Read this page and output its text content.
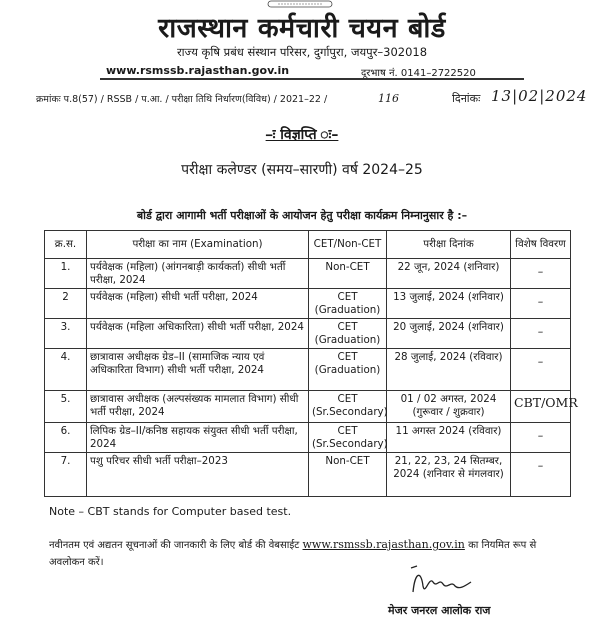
राजस्थान कर्मचारी चयन बोर्ड
राज्य कृषि प्रबंध संस्थान परिसर, दुर्गापुरा, जयपुर–302018
www.rsmssb.rajasthan.gov.in	दूरभाष नं. 0141–2722520
क्रमांकः प.8(57) / RSSB / प.आ. / परीक्षा तिथि निर्धारण(विविध) / 2021–22 /	116	दिनांकः 13|02|2024
–ः विज्ञप्ति ः–
परीक्षा कलेण्डर (समय–सारणी) वर्ष 2024–25
बोर्ड द्वारा आगामी भर्ती परीक्षाओं के आयोजन हेतु परीक्षा कार्यक्रम निम्नानुसार है :–
क्र.स.	परीक्षा का नाम (Examination)	CET/Non-CET	परीक्षा दिनांक	विशेष विवरण
1.	पर्यवेक्षक (महिला) (आंगनबाड़ी कार्यकर्ता) सीधी भर्ती परीक्षा, 2024	Non-CET	22 जून, 2024 (शनिवार)	–

2	पर्यवेक्षक (महिला) सीधी भर्ती परीक्षा, 2024	CET (Graduation)	13 जुलाई, 2024 (शनिवार)	–

3.	पर्यवेक्षक (महिला अधिकारिता) सीधी भर्ती परीक्षा, 2024	CET (Graduation)	20 जुलाई, 2024 (शनिवार)	–

4.	छात्रावास अधीक्षक ग्रेड–II (सामाजिक न्याय एवं अधिकारिता विभाग) सीधी भर्ती परीक्षा, 2024	CET (Graduation)	28 जुलाई, 2024 (रविवार)	–

5.	छात्रावास अधीक्षक (अल्पसंख्यक मामलात विभाग) सीधी भर्ती परीक्षा, 2024	CET (Sr.Secondary)	01 / 02 अगस्त, 2024 (गुरूवार / शुक्रवार)	CBT/OMR

6.	लिपिक ग्रेड–II/कनिष्ठ सहायक संयुक्त सीधी भर्ती परीक्षा, 2024	CET (Sr.Secondary)	11 अगस्त 2024 (रविवार)	–

7.	पशु परिचर सीधी भर्ती परीक्षा–2023	Non-CET	21, 22, 23, 24 सितम्बर, 2024 (शनिवार से मंगलवार)	–
Note – CBT stands for Computer based test.
नवीनतम एवं अद्यतन सूचनाओं की जानकारी के लिए बोर्ड की वेबसाईट www.rsmssb.rajasthan.gov.in का नियमित रूप से अवलोकन करें।
मेजर जनरल आलोक राज
